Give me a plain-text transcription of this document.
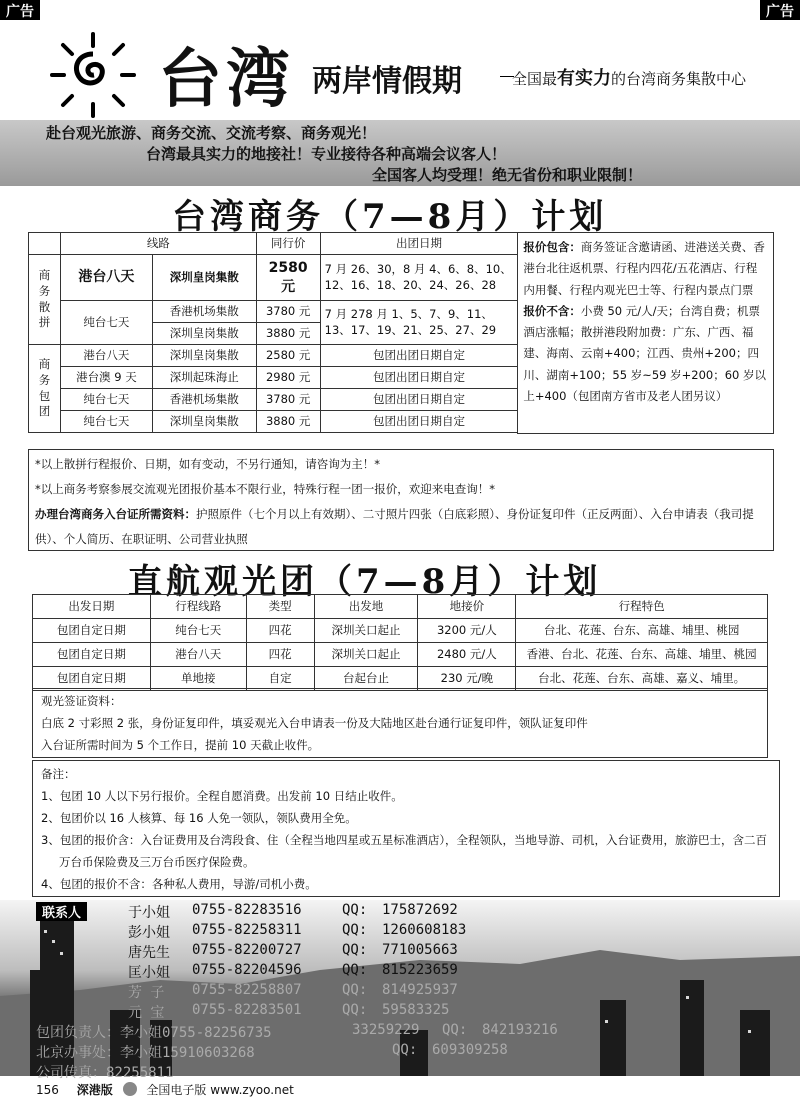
广告	广告
台湾 两岸情假期	全国最有实力的台湾商务集散中心
赴台观光旅游、商务交流、交流考察、商务观光！
台湾最具实力的地接社！专业接待各种高端会议客人！
全国客人均受理！绝无省份和职业限制！
台湾商务（7—8月）计划
	线路		同行价	出团日期	报价包含：商务签证含邀请函、进港送关费、香港台北往返机票、行程内四花/五花酒店、行程内用餐、行程内观光巴士等、行程内景点门票
报价不含：小费 50 元/人/天；台湾自费；机票酒店涨幅；散拼港段附加费：广东、广西、福建、海南、云南+400；江西、贵州+200；四川、湖南+100；55 岁~59 岁+200；60 岁以上+400（包团南方省市及老人团另议）
商务散拼	港台八天	深圳皇岗集散	2580 元	7 月 26、30，8 月 4、6、8、10、12、16、18、20、24、26、28	
	纯台七天	香港机场集散	3780 元	7 月 278 月 1、5、7、9、11、13、17、19、21、25、27、29	
		深圳皇岗集散	3880 元		
商务包团	港台八天	深圳皇岗集散	2580 元	包团出团日期自定	
	港台澳 9 天	深圳起珠海止	2980 元	包团出团日期自定	
	纯台七天	香港机场集散	3780 元	包团出团日期自定	
	纯台七天	深圳皇岗集散	3880 元	包团出团日期自定	

*以上散拼行程报价、日期，如有变动，不另行通知，请咨询为主！*
*以上商务考察参展交流观光团报价基本不限行业，特殊行程一团一报价，欢迎来电查询！*
办理台湾商务入台证所需资料：护照原件（七个月以上有效期）、二寸照片四张（白底彩照）、身份证复印件（正反两面）、入台申请表（我司提供）、个人简历、在职证明、公司营业执照
直航观光团（7—8月）计划
出发日期	行程线路	类型	出发地	地接价	行程特色
包团自定日期	纯台七天	四花	深圳关口起止	3200 元/人	台北、花莲、台东、高雄、埔里、桃园
包团自定日期	港台八天	四花	深圳关口起止	2480 元/人	香港、台北、花莲、台东、高雄、埔里、桃园
包团自定日期	单地接	自定	台起台止	230 元/晚	台北、花莲、台东、高雄、嘉义、埔里。
观光签证资料：
白底 2 寸彩照 2 张，身份证复印件，填妥观光入台申请表一份及大陆地区赴台通行证复印件，领队证复印件
入台证所需时间为 5 个工作日，提前 10 天截止收件。
备注：
1、包团 10 人以下另行报价。全程自愿消费。出发前 10 日结止收件。
2、包团价以 16 人核算、每 16 人免一领队，领队费用全免。
3、包团的报价含：入台证费用及台湾段食、住（全程当地四星或五星标准酒店），全程领队，当地导游、司机，入台证费用，旅游巴士，含二百万台币保险费及三万台币医疗保险费。
4、包团的报价不含：各种私人费用，导游/司机小费。
联系人	于小姐 0755-82283516	QQ: 175872692
彭小姐 0755-82258311	QQ: 1260608183
唐先生 0755-82200727	QQ: 771005663
匡小姐 0755-82204596	QQ: 815223659
芳 子 0755-82258807	QQ: 814925937
元 宝 0755-82283501	QQ: 59583325
包团负责人：李小姐0755-82256735	33259229 QQ: 842193216
北京办事处：李小姐15910603268	QQ: 609309258
公司传真：82255811
156 深港版	全国电子版 www.zyoo.net
